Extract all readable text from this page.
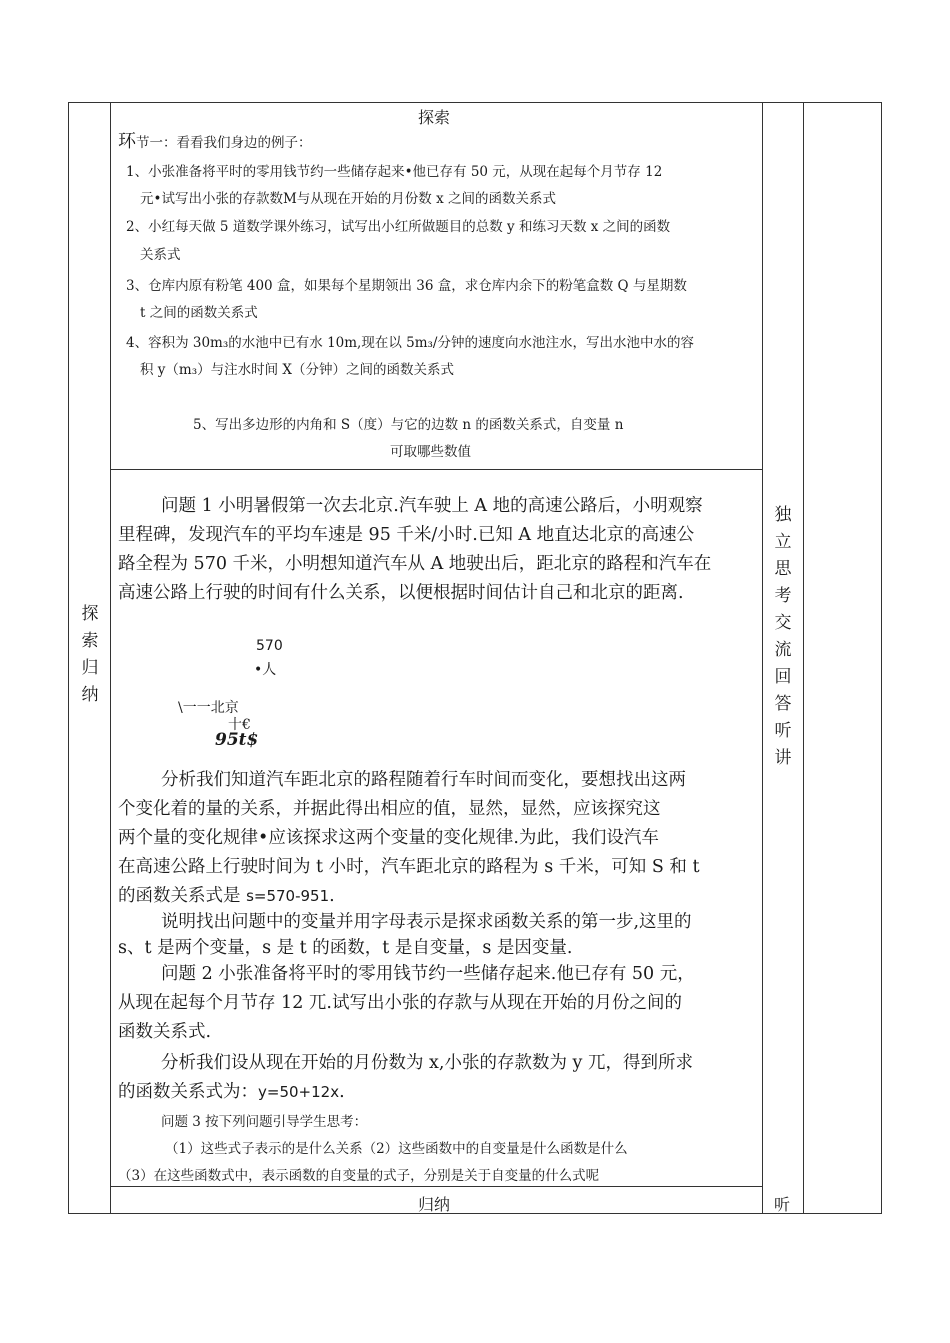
探
索
归
纳
独
立
思
考
交
流
回
答
听
讲
听
探索
环节一：看看我们身边的例子：
1、小张准备将平时的零用钱节约一些储存起来•他已存有 50 元，从现在起每个月节存 12
元•试写出小张的存款数M与从现在开始的月份数 x 之间的函数关系式
2、小红每天做 5 道数学课外练习，试写出小红所做题目的总数 y 和练习天数 x 之间的函数
关系式
3、仓库内原有粉笔 400 盒，如果每个星期领出 36 盒，求仓库内余下的粉笔盒数 Q 与星期数
t 之间的函数关系式
4、容积为 30m₃的水池中已有水 10m,现在以 5m₃/分钟的速度向水池注水，写出水池中水的容
积 y（m₃）与注水时间 X（分钟）之间的函数关系式
5、写出多边形的内角和 S（度）与它的边数 n 的函数关系式，自变量 n
可取哪些数值
问题 1 小明暑假第一次去北京.汽车驶上 A 地的高速公路后，小明观察
里程碑，发现汽车的平均车速是 95 千米/小时.已知 A 地直达北京的高速公
路全程为 570 千米，小明想知道汽车从 A 地驶出后，距北京的路程和汽车在
高速公路上行驶的时间有什么关系，以便根据时间估计自己和北京的距离.
570
•人
\一一北京
十€
95t$
分析我们知道汽车距北京的路程随着行车时间而变化，要想找出这两
个变化着的量的关系，并据此得出相应的值，显然，显然，应该探究这
两个量的变化规律•应该探求这两个变量的变化规律.为此，我们设汽车
在高速公路上行驶时间为 t 小时，汽车距北京的路程为 s 千米，可知 S 和 t
的函数关系式是 s=570-951.
说明找出问题中的变量并用字母表示是探求函数关系的第一步,这里的
s、t 是两个变量，s 是 t 的函数，t 是自变量，s 是因变量.
问题 2 小张准备将平时的零用钱节约一些储存起来.他已存有 50 元，
从现在起每个月节存 12 兀.试写出小张的存款与从现在开始的月份之间的
函数关系式.
分析我们设从现在开始的月份数为 x,小张的存款数为 y 兀，得到所求
的函数关系式为：y=50+12x.
问题 3 按下列问题引导学生思考：
（1）这些式子表示的是什么关系（2）这些函数中的自变量是什么函数是什么
（3）在这些函数式中，表示函数的自变量的式子，分别是关于自变量的什么式呢
归纳
